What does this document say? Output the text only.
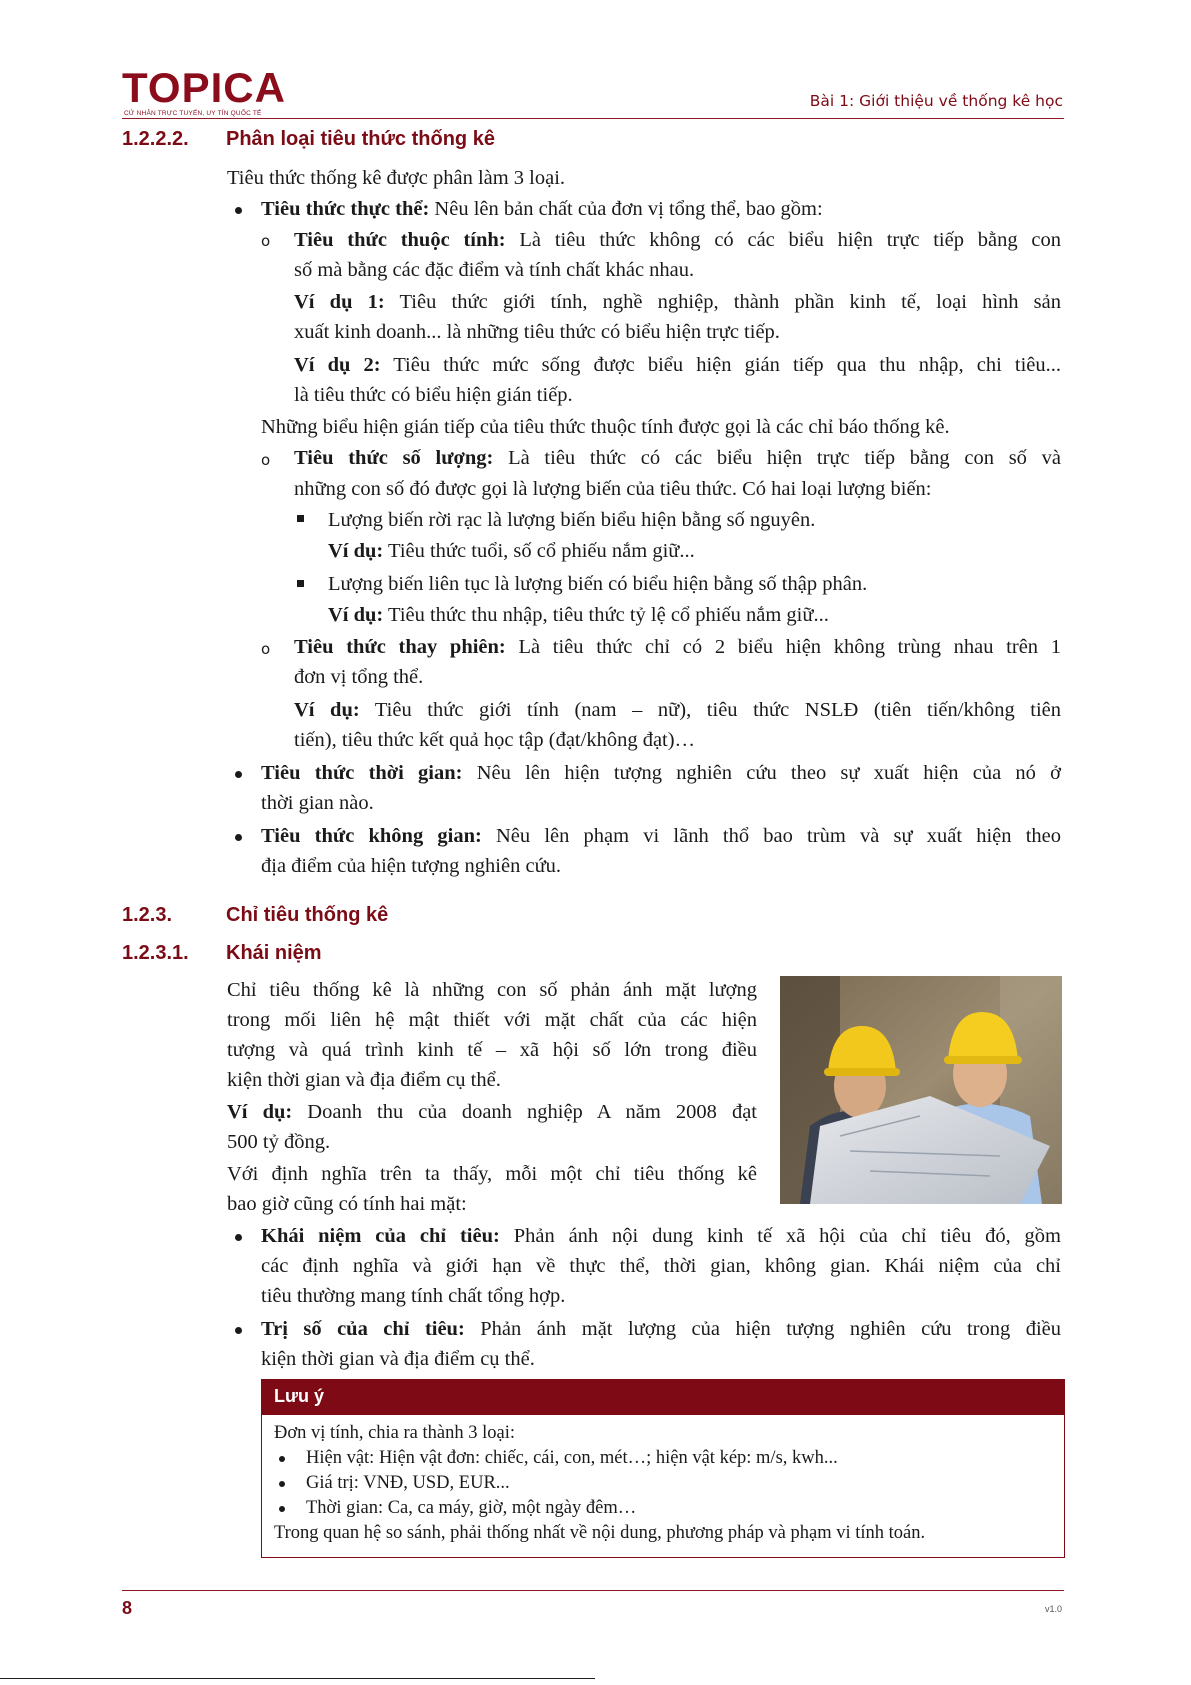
TOPICA
CỬ NHÂN TRỰC TUYẾN, UY TÍN QUỐC TẾ
Bài 1: Giới thiệu về thống kê học
1.2.2.2. Phân loại tiêu thức thống kê
Tiêu thức thống kê được phân làm 3 loại.
Tiêu thức thực thể: Nêu lên bản chất của đơn vị tổng thể, bao gồm:
o Tiêu thức thuộc tính: Là tiêu thức không có các biểu hiện trực tiếp bằng con
số mà bằng các đặc điểm và tính chất khác nhau.
Ví dụ 1: Tiêu thức giới tính, nghề nghiệp, thành phần kinh tế, loại hình sản
xuất kinh doanh... là những tiêu thức có biểu hiện trực tiếp.
Ví dụ 2: Tiêu thức mức sống được biểu hiện gián tiếp qua thu nhập, chi tiêu...
là tiêu thức có biểu hiện gián tiếp.
Những biểu hiện gián tiếp của tiêu thức thuộc tính được gọi là các chỉ báo thống kê.
o Tiêu thức số lượng: Là tiêu thức có các biểu hiện trực tiếp bằng con số và
những con số đó được gọi là lượng biến của tiêu thức. Có hai loại lượng biến:
Lượng biến rời rạc là lượng biến biểu hiện bằng số nguyên.
Ví dụ: Tiêu thức tuổi, số cổ phiếu nắm giữ...
Lượng biến liên tục là lượng biến có biểu hiện bằng số thập phân.
Ví dụ: Tiêu thức thu nhập, tiêu thức tỷ lệ cổ phiếu nắm giữ...
o Tiêu thức thay phiên: Là tiêu thức chỉ có 2 biểu hiện không trùng nhau trên 1
đơn vị tổng thể.
Ví dụ: Tiêu thức giới tính (nam – nữ), tiêu thức NSLĐ (tiên tiến/không tiên
tiến), tiêu thức kết quả học tập (đạt/không đạt)…
Tiêu thức thời gian: Nêu lên hiện tượng nghiên cứu theo sự xuất hiện của nó ở
thời gian nào.
Tiêu thức không gian: Nêu lên phạm vi lãnh thổ bao trùm và sự xuất hiện theo
địa điểm của hiện tượng nghiên cứu.
1.2.3.	Chỉ tiêu thống kê
1.2.3.1. Khái niệm
Chỉ tiêu thống kê là những con số phản ánh mặt lượng
trong mối liên hệ mật thiết với mặt chất của các hiện
tượng và quá trình kinh tế – xã hội số lớn trong điều
kiện thời gian và địa điểm cụ thể.
Ví dụ: Doanh thu của doanh nghiệp A năm 2008 đạt
500 tỷ đồng.
Với định nghĩa trên ta thấy, mỗi một chỉ tiêu thống kê
bao giờ cũng có tính hai mặt:
Khái niệm của chỉ tiêu: Phản ánh nội dung kinh tế xã hội của chỉ tiêu đó, gồm
các định nghĩa và giới hạn về thực thể, thời gian, không gian. Khái niệm của chỉ
tiêu thường mang tính chất tổng hợp.
Trị số của chỉ tiêu: Phản ánh mặt lượng của hiện tượng nghiên cứu trong điều
kiện thời gian và địa điểm cụ thể.
Lưu ý
Đơn vị tính, chia ra thành 3 loại:
Hiện vật: Hiện vật đơn: chiếc, cái, con, mét…; hiện vật kép: m/s, kwh...
Giá trị: VNĐ, USD, EUR...
Thời gian: Ca, ca máy, giờ, một ngày đêm…
Trong quan hệ so sánh, phải thống nhất về nội dung, phương pháp và phạm vi tính toán.
8	v1.0
